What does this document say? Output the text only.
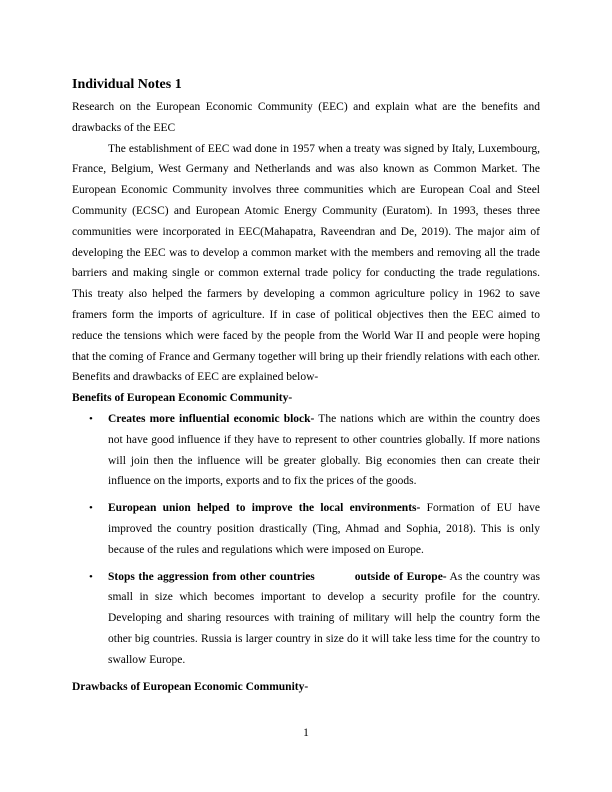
Individual Notes 1

Research on the European Economic Community (EEC) and explain what are the benefits and drawbacks of the EEC

The establishment of EEC wad done in 1957 when a treaty was signed by Italy, Luxembourg, France, Belgium, West Germany and Netherlands and was also known as Common Market. The European Economic Community involves three communities which are European Coal and Steel Community (ECSC) and European Atomic Energy Community (Euratom). In 1993, theses three communities were incorporated in EEC(Mahapatra, Raveendran and De, 2019). The major aim of developing the EEC was to develop a common market with the members and removing all the trade barriers and making single or common external trade policy for conducting the trade regulations. This treaty also helped the farmers by developing a common agriculture policy in 1962 to save framers form the imports of agriculture. If in case of political objectives then the EEC aimed to reduce the tensions which were faced by the people from the World War II and people were hoping that the coming of France and Germany together will bring up their friendly relations with each other. Benefits and drawbacks of EEC are explained below-

Benefits of European Economic Community-

• Creates more influential economic block- The nations which are within the country does not have good influence if they have to represent to other countries globally. If more nations will join then the influence will be greater globally. Big economies then can create their influence on the imports, exports and to fix the prices of the goods.
• European union helped to improve the local environments- Formation of EU have improved the country position drastically (Ting, Ahmad and Sophia, 2018). This is only because of the rules and regulations which were imposed on Europe.
• Stops the aggression from other countries	outside of Europe- As the country was small in size which becomes important to develop a security profile for the country. Developing and sharing resources with training of military will help the country form the other big countries. Russia is larger country in size do it will take less time for the country to swallow Europe.

Drawbacks of European Economic Community-

1
